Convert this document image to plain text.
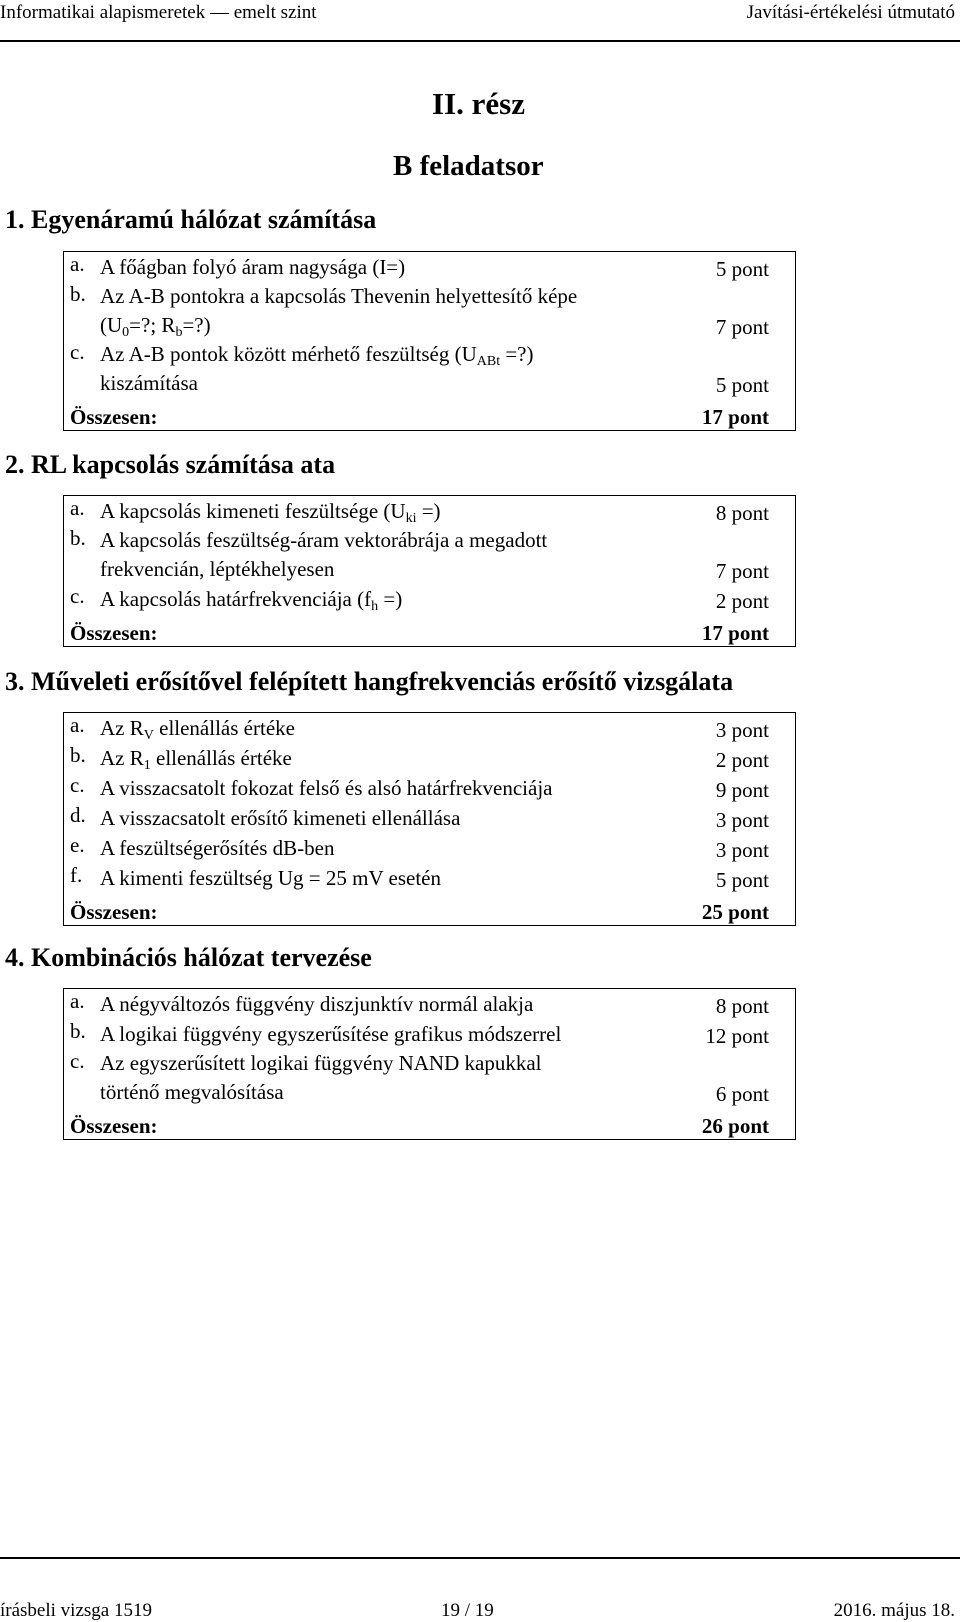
Informatikai alapismeretek — emelt szint	Javítási-értékelési útmutató
II. rész
B feladatsor
1. Egyenáramú hálózat számítása
a.	A főágban folyó áram nagysága (I=)	5 pont
b.	Az A-B pontokra a kapcsolás Thevenin helyettesítő képe
($U_0=$?; $R_b=$?)	7 pont
c.	Az A-B pontok között mérhető feszültség ($U_{ABt}$ =?)
kiszámítása	5 pont
Összesen:		17 pont
2. RL kapcsolás számítása ata
a.	A kapcsolás kimeneti feszültsége ($U_{ki}$ =)	8 pont
b.	A kapcsolás feszültség-áram vektorábrája a megadott
frekvencián, léptékhelyesen	7 pont
c.	A kapcsolás határfrekvenciája ($f_h$ =)	2 pont
Összesen:		17 pont
3. Műveleti erősítővel felépített hangfrekvenciás erősítő vizsgálata
a.	Az $R_V$ ellenállás értéke	3 pont
b.	Az $R_1$ ellenállás értéke	2 pont
c.	A visszacsatolt fokozat felső és alsó határfrekvenciája	9 pont
d.	A visszacsatolt erősítő kimeneti ellenállása	3 pont
e.	A feszültségerősítés dB-ben	3 pont
f.	A kimenti feszültség Ug = 25 mV esetén	5 pont
Összesen:		25 pont
4. Kombinációs hálózat tervezése
a.	A négyváltozós függvény diszjunktív normál alakja	8 pont
b.	A logikai függvény egyszerűsítése grafikus módszerrel	12 pont
c.	Az egyszerűsített logikai függvény NAND kapukkal
történő megvalósítása	6 pont
Összesen:		26 pont
írásbeli vizsga 1519	19 / 19	2016. május 18.
